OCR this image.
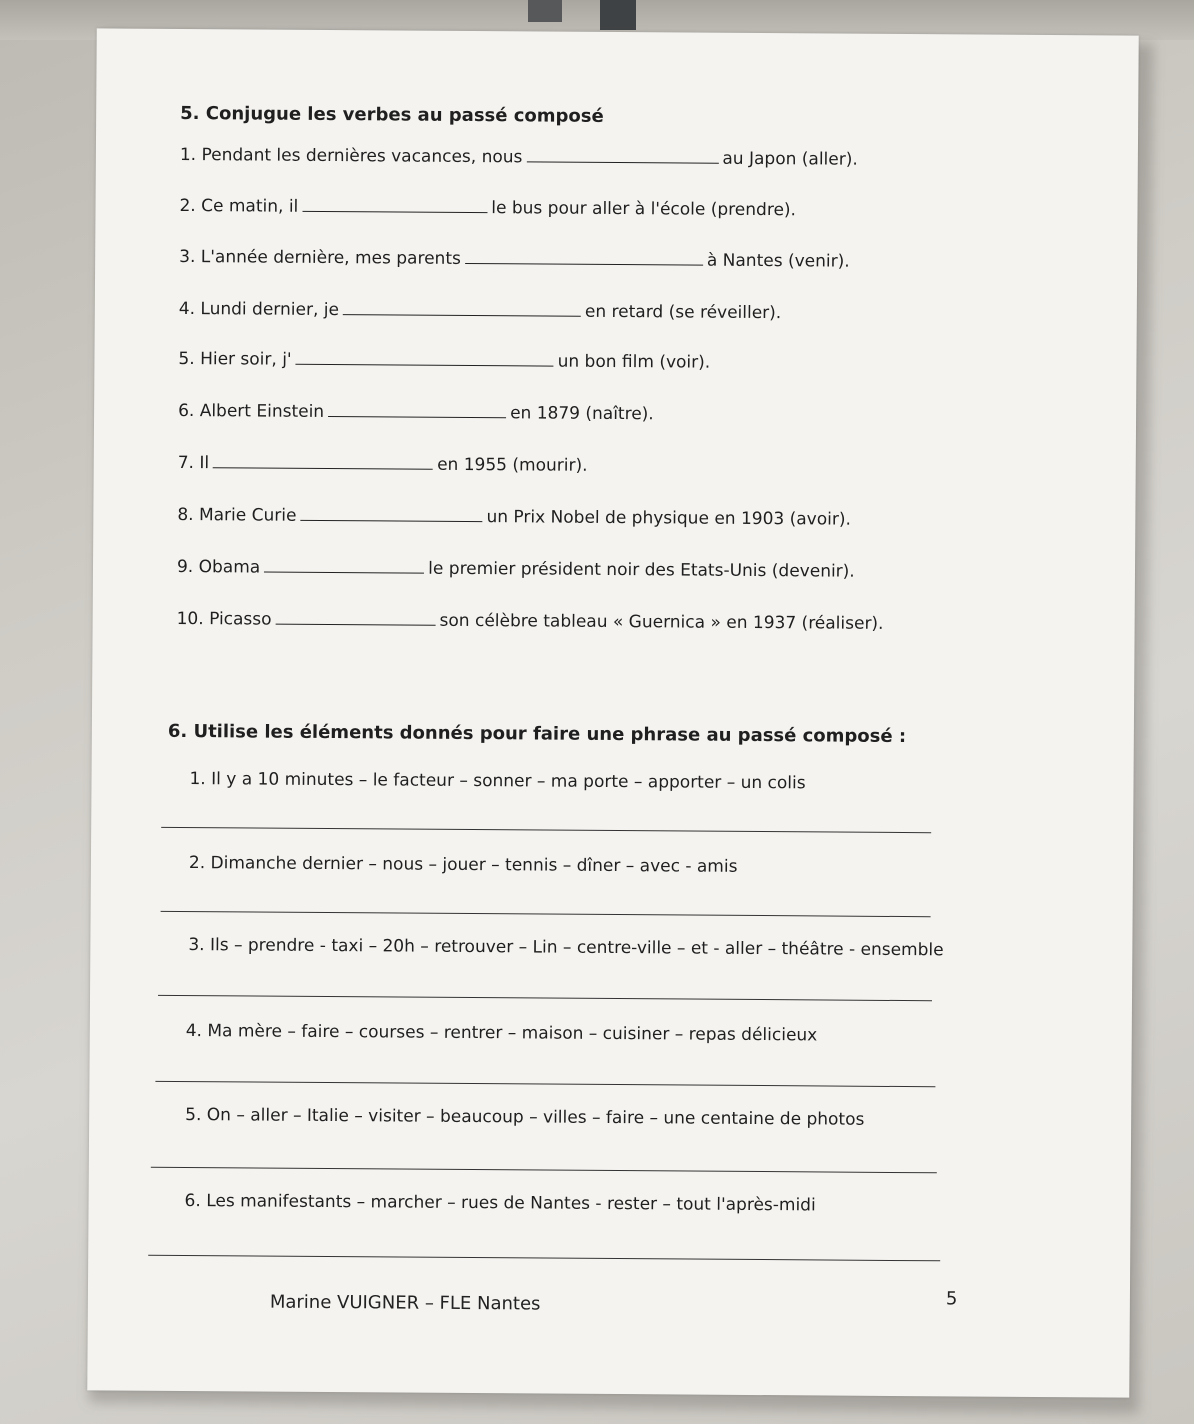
5. Conjugue les verbes au passé composé
1. Pendant les dernières vacances, nous	au Japon (aller).
2. Ce matin, il	le bus pour aller à l'école (prendre).
3. L'année dernière, mes parents	à Nantes (venir).
4. Lundi dernier, je	en retard (se réveiller).
5. Hier soir, j'	un bon film (voir).
6. Albert Einstein	en 1879 (naître).
7. Il	en 1955 (mourir).
8. Marie Curie	un Prix Nobel de physique en 1903 (avoir).
9. Obama	le premier président noir des Etats-Unis (devenir).
10. Picasso	son célèbre tableau « Guernica » en 1937 (réaliser).
6. Utilise les éléments donnés pour faire une phrase au passé composé :
1. Il y a 10 minutes – le facteur – sonner – ma porte – apporter – un colis
2. Dimanche dernier – nous – jouer – tennis – dîner – avec - amis
3. Ils – prendre - taxi – 20h – retrouver – Lin – centre-ville – et - aller – théâtre - ensemble
4. Ma mère – faire – courses – rentrer – maison – cuisiner – repas délicieux
5. On – aller – Italie – visiter – beaucoup – villes – faire – une centaine de photos
6. Les manifestants – marcher – rues de Nantes - rester – tout l'après-midi
Marine VUIGNER – FLE Nantes	5
